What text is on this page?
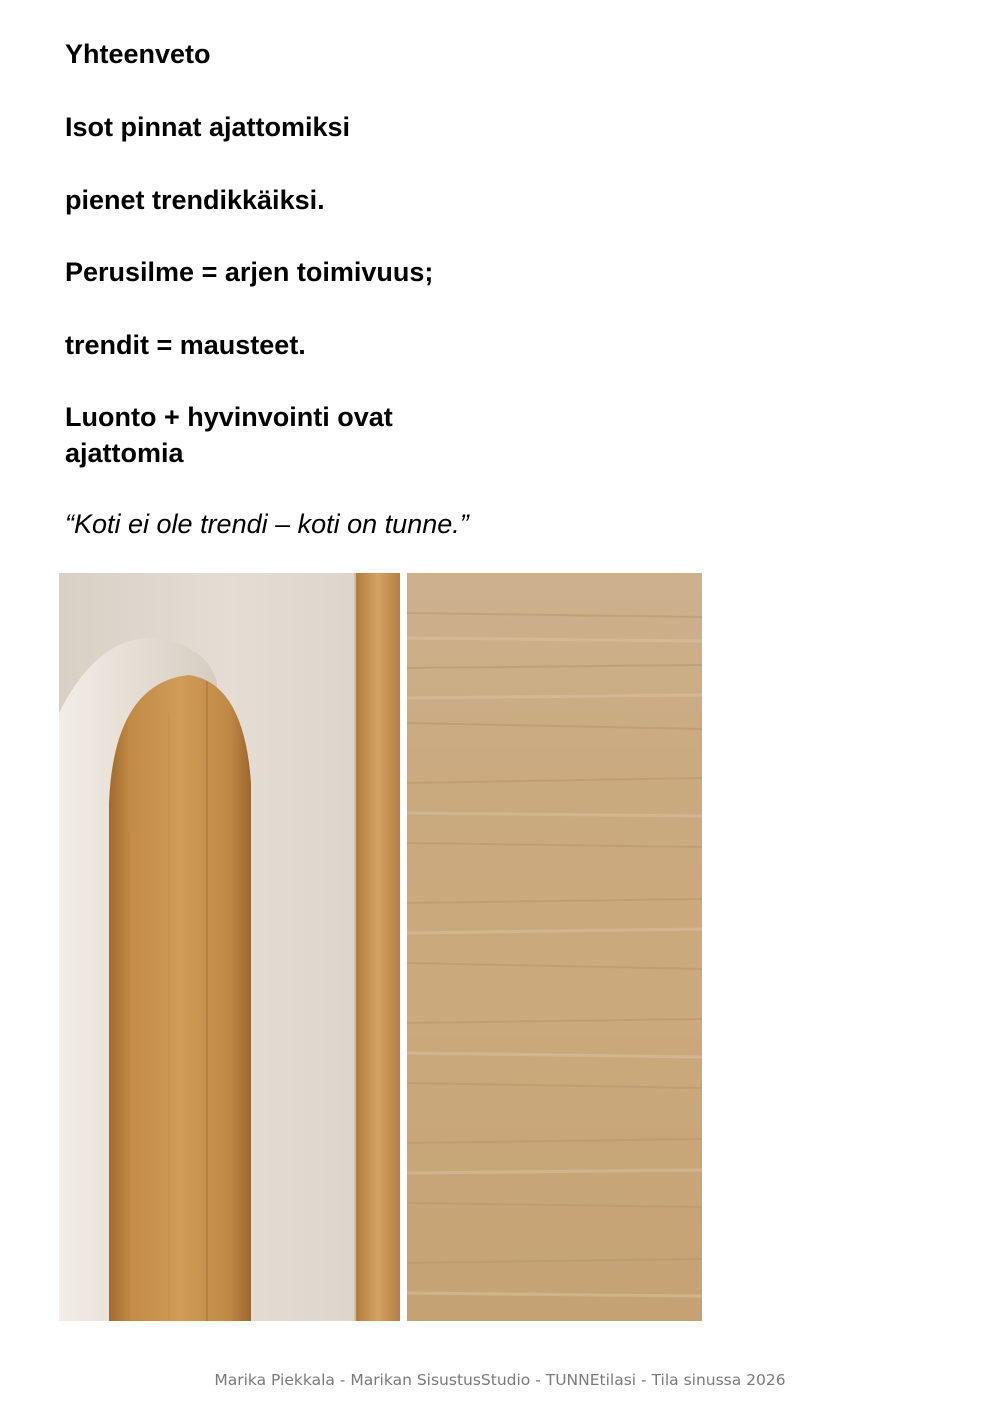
Yhteenveto
Isot pinnat ajattomiksi
pienet trendikkäiksi.
Perusilme = arjen toimivuus;
trendit = mausteet.
Luonto + hyvinvointi ovat
ajattomia
“Koti ei ole trendi – koti on tunne.”
Marika Piekkala - Marikan SisustusStudio - TUNNEtilasi - Tila sinussa 2026
